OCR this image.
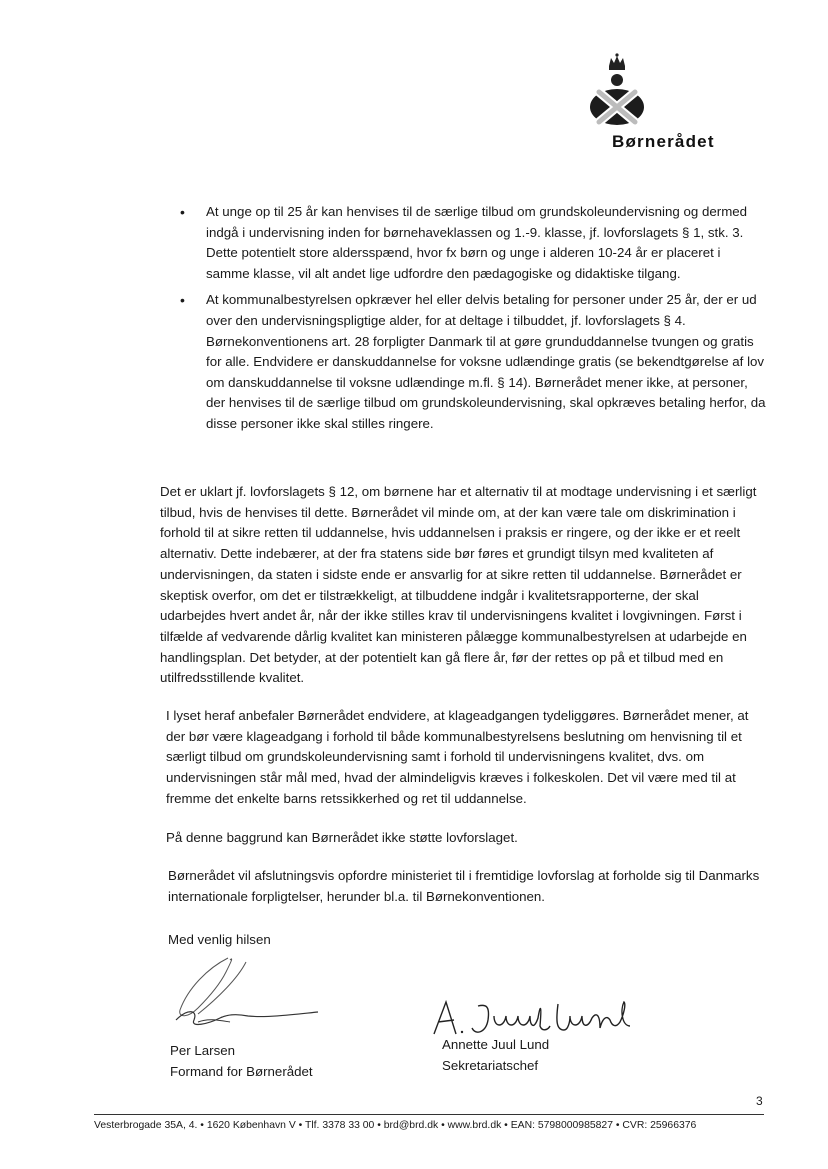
Børnerådet
• At unge op til 25 år kan henvises til de særlige tilbud om grundskoleundervisning og dermed indgå i undervisning inden for børnehaveklassen og 1.-9. klasse, jf. lovforslagets § 1, stk. 3. Dette potentielt store aldersspænd, hvor fx børn og unge i alderen 10-24 år er placeret i samme klasse, vil alt andet lige udfordre den pædagogiske og didaktiske tilgang.
• At kommunalbestyrelsen opkræver hel eller delvis betaling for personer under 25 år, der er ud over den undervisningspligtige alder, for at deltage i tilbuddet, jf. lovforslagets § 4. Børnekonventionens art. 28 forpligter Danmark til at gøre grunduddannelse tvungen og gratis for alle. Endvidere er danskuddannelse for voksne udlændinge gratis (se bekendtgørelse af lov om danskuddannelse til voksne udlændinge m.fl. § 14). Børnerådet mener ikke, at personer, der henvises til de særlige tilbud om grundskoleundervisning, skal opkræves betaling herfor, da disse personer ikke skal stilles ringere.

Det er uklart jf. lovforslagets § 12, om børnene har et alternativ til at modtage undervisning i et særligt tilbud, hvis de henvises til dette. Børnerådet vil minde om, at der kan være tale om diskrimination i forhold til at sikre retten til uddannelse, hvis uddannelsen i praksis er ringere, og der ikke er et reelt alternativ. Dette indebærer, at der fra statens side bør føres et grundigt tilsyn med kvaliteten af undervisningen, da staten i sidste ende er ansvarlig for at sikre retten til uddannelse. Børnerådet er skeptisk overfor, om det er tilstrækkeligt, at tilbuddene indgår i kvalitetsrapporterne, der skal udarbejdes hvert andet år, når der ikke stilles krav til undervisningens kvalitet i lovgivningen. Først i tilfælde af vedvarende dårlig kvalitet kan ministeren pålægge kommunalbestyrelsen at udarbejde en handlingsplan. Det betyder, at der potentielt kan gå flere år, før der rettes op på et tilbud med en utilfredsstillende kvalitet.

I lyset heraf anbefaler Børnerådet endvidere, at klageadgangen tydeliggøres. Børnerådet mener, at der bør være klageadgang i forhold til både kommunalbestyrelsens beslutning om henvisning til et særligt tilbud om grundskoleundervisning samt i forhold til undervisningens kvalitet, dvs. om undervisningen står mål med, hvad der almindeligvis kræves i folkeskolen. Det vil være med til at fremme det enkelte barns retssikkerhed og ret til uddannelse.

På denne baggrund kan Børnerådet ikke støtte lovforslaget.

Børnerådet vil afslutningsvis opfordre ministeriet til i fremtidige lovforslag at forholde sig til Danmarks internationale forpligtelser, herunder bl.a. til Børnekonventionen.

Med venlig hilsen
Per Larsen
Formand for Børnerådet
Annette Juul Lund
Sekretariatschef
3
Vesterbrogade 35A, 4. • 1620 København V • Tlf. 3378 33 00 • brd@brd.dk • www.brd.dk • EAN: 5798000985827 • CVR: 25966376
